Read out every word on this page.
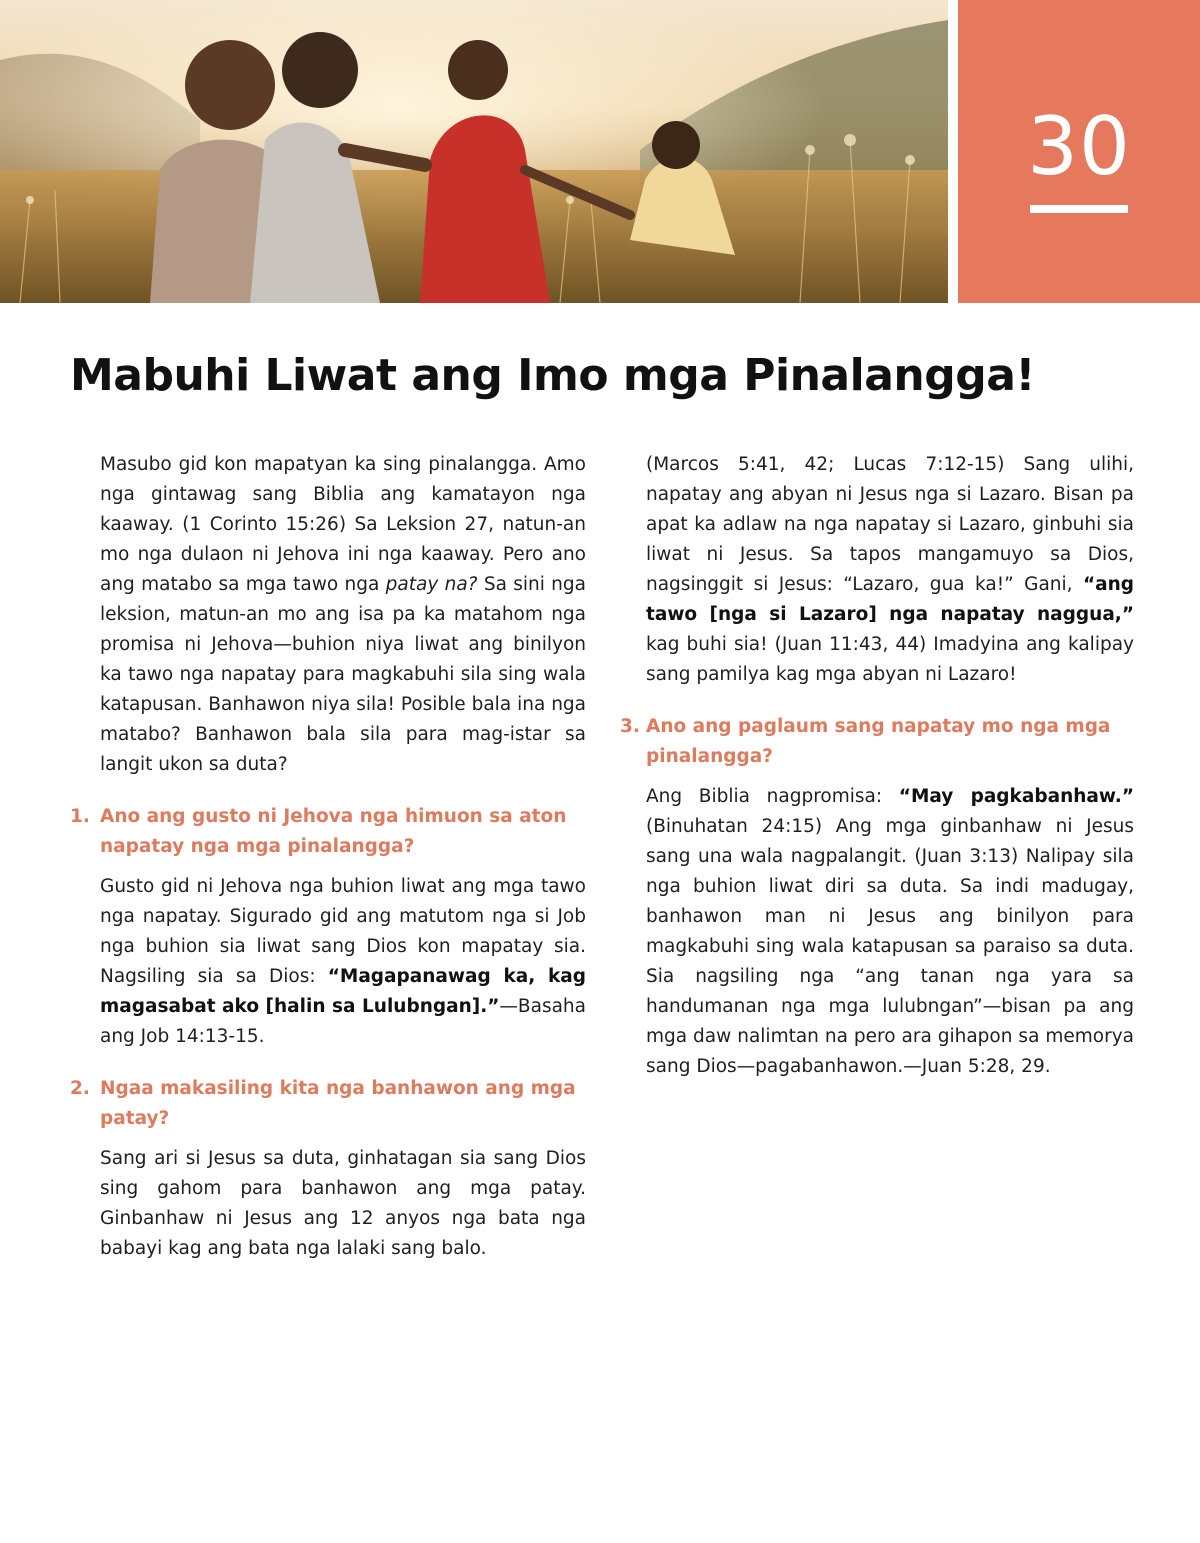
30
Mabuhi Liwat ang Imo mga Pinalangga!

Masubo gid kon mapatyan ka sing pinalangga. Amo nga gintawag sang Biblia ang kamatayon nga kaaway. (1 Corinto 15:26) Sa Leksion 27, natun-an mo nga dulaon ni Jehova ini nga kaaway. Pero ano ang matabo sa mga tawo nga patay na? Sa sini nga leksion, matun-an mo ang isa pa ka matahom nga promisa ni Jehova—buhion niya liwat ang binilyon ka tawo nga napatay para magkabuhi sila sing wala katapusan. Banhawon niya sila! Posible bala ina nga matabo? Banhawon bala sila para mag-istar sa langit ukon sa duta?

1. Ano ang gusto ni Jehova nga himuon sa aton napatay nga mga pinalangga?

Gusto gid ni Jehova nga buhion liwat ang mga tawo nga napatay. Sigurado gid ang matutom nga si Job nga buhion sia liwat sang Dios kon mapatay sia. Nagsiling sia sa Dios: “Magapanawag ka, kag magasabat ako [halin sa Lulubngan].”—Basaha ang Job 14:13-15.

2. Ngaa makasiling kita nga banhawon ang mga patay?

Sang ari si Jesus sa duta, ginhatagan sia sang Dios sing gahom para banhawon ang mga patay. Ginbanhaw ni Jesus ang 12 anyos nga bata nga babayi kag ang bata nga lalaki sang balo.

(Marcos 5:41, 42; Lucas 7:12-15) Sang ulihi, napatay ang abyan ni Jesus nga si Lazaro. Bisan pa apat ka adlaw na nga napatay si Lazaro, ginbuhi sia liwat ni Jesus. Sa tapos mangamuyo sa Dios, nagsinggit si Jesus: “Lazaro, gua ka!” Gani, “ang tawo [nga si Lazaro] nga napatay naggua,” kag buhi sia! (Juan 11:43, 44) Imadyina ang kalipay sang pamilya kag mga abyan ni Lazaro!

3. Ano ang paglaum sang napatay mo nga mga pinalangga?

Ang Biblia nagpromisa: “May pagkabanhaw.” (Binuhatan 24:15) Ang mga ginbanhaw ni Jesus sang una wala nagpalangit. (Juan 3:13) Nalipay sila nga buhion liwat diri sa duta. Sa indi madugay, banhawon man ni Jesus ang binilyon para magkabuhi sing wala katapusan sa paraiso sa duta. Sia nagsiling nga “ang tanan nga yara sa handumanan nga mga lulubngan”—bisan pa ang mga daw nalimtan na pero ara gihapon sa memorya sang Dios—pagabanhawon.—Juan 5:28, 29.
